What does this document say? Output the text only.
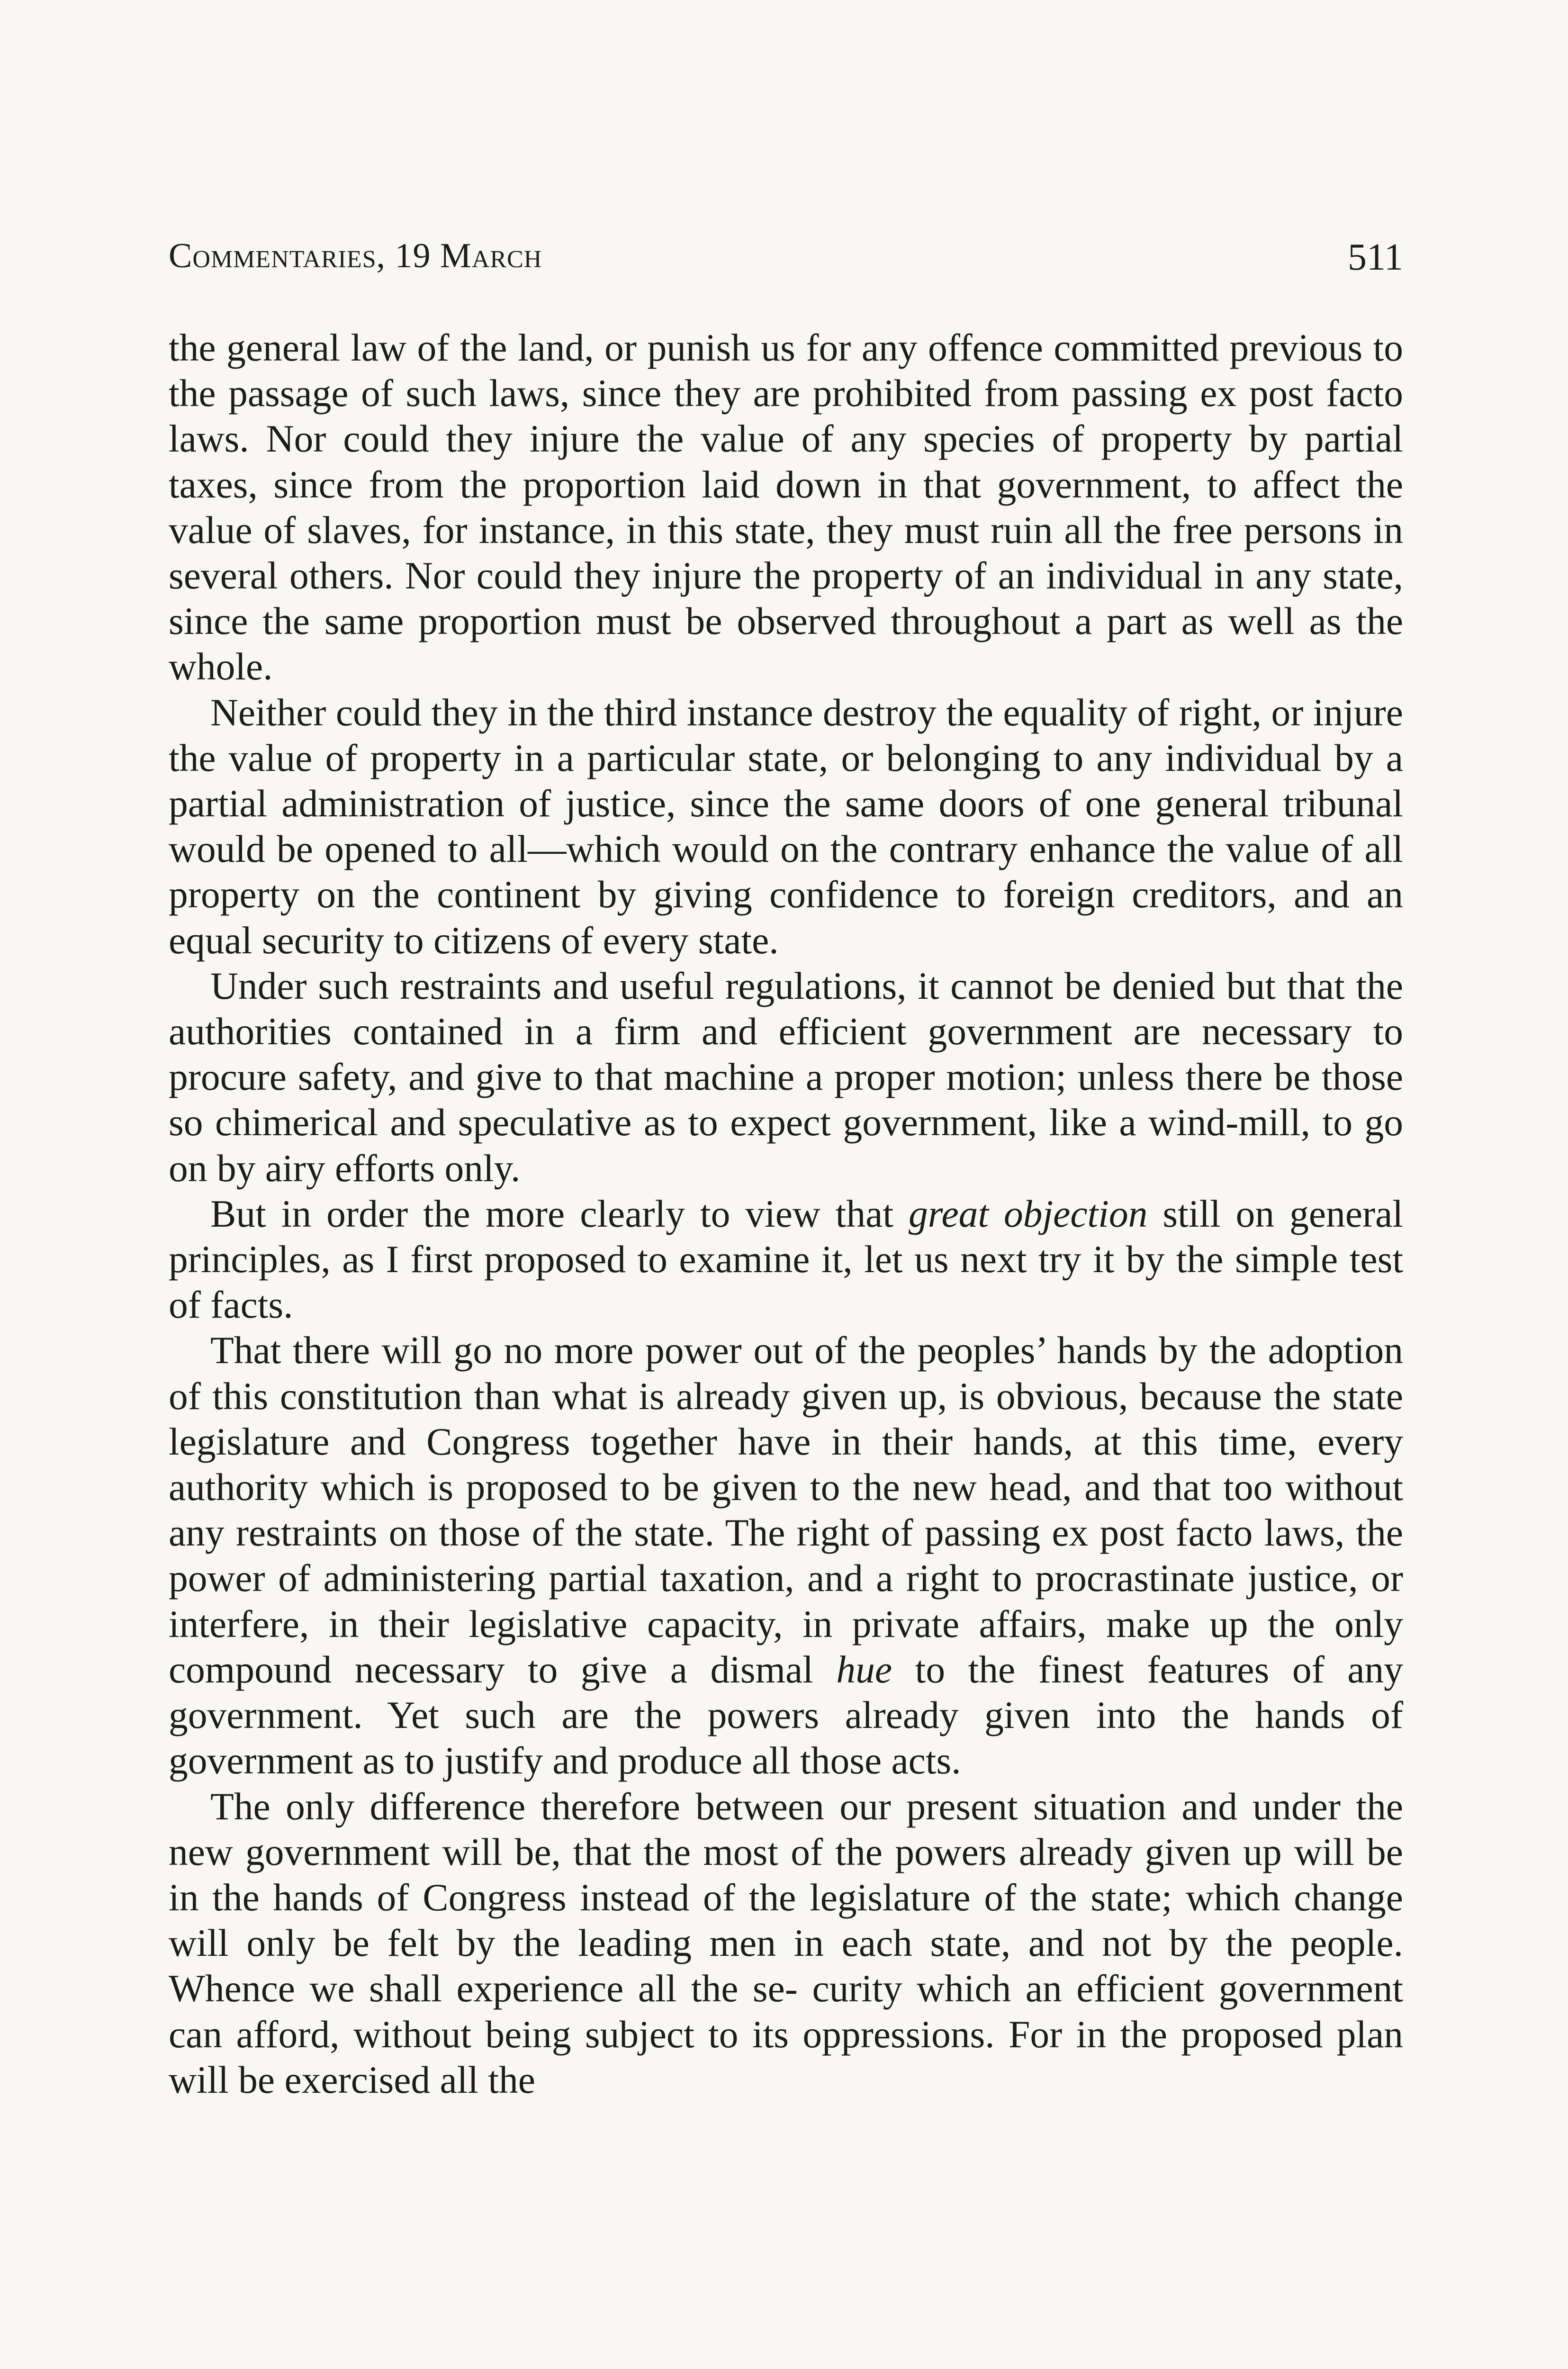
Commentaries, 19 March	511

the general law of the land, or punish us for any offence committed previous to the passage of such laws, since they are prohibited from passing ex post facto laws. Nor could they injure the value of any species of property by partial taxes, since from the proportion laid down in that government, to affect the value of slaves, for instance, in this state, they must ruin all the free persons in several others. Nor could they injure the property of an individual in any state, since the same proportion must be observed throughout a part as well as the whole.

Neither could they in the third instance destroy the equality of right, or injure the value of property in a particular state, or belonging to any individual by a partial administration of justice, since the same doors of one general tribunal would be opened to all—which would on the contrary enhance the value of all property on the continent by giving confidence to foreign creditors, and an equal security to citizens of every state.

Under such restraints and useful regulations, it cannot be denied but that the authorities contained in a firm and efficient government are necessary to procure safety, and give to that machine a proper motion; unless there be those so chimerical and speculative as to expect government, like a wind-mill, to go on by airy efforts only.

But in order the more clearly to view that great objection still on general principles, as I first proposed to examine it, let us next try it by the simple test of facts.

That there will go no more power out of the peoples’ hands by the adoption of this constitution than what is already given up, is obvious, because the state legislature and Congress together have in their hands, at this time, every authority which is proposed to be given to the new head, and that too without any restraints on those of the state. The right of passing ex post facto laws, the power of administering partial taxation, and a right to procrastinate justice, or interfere, in their legislative capacity, in private affairs, make up the only compound necessary to give a dismal hue to the finest features of any government. Yet such are the powers already given into the hands of government as to justify and produce all those acts.

The only difference therefore between our present situation and under the new government will be, that the most of the powers already given up will be in the hands of Congress instead of the legislature of the state; which change will only be felt by the leading men in each state, and not by the people. Whence we shall experience all the se- curity which an efficient government can afford, without being subject to its oppressions. For in the proposed plan will be exercised all the
